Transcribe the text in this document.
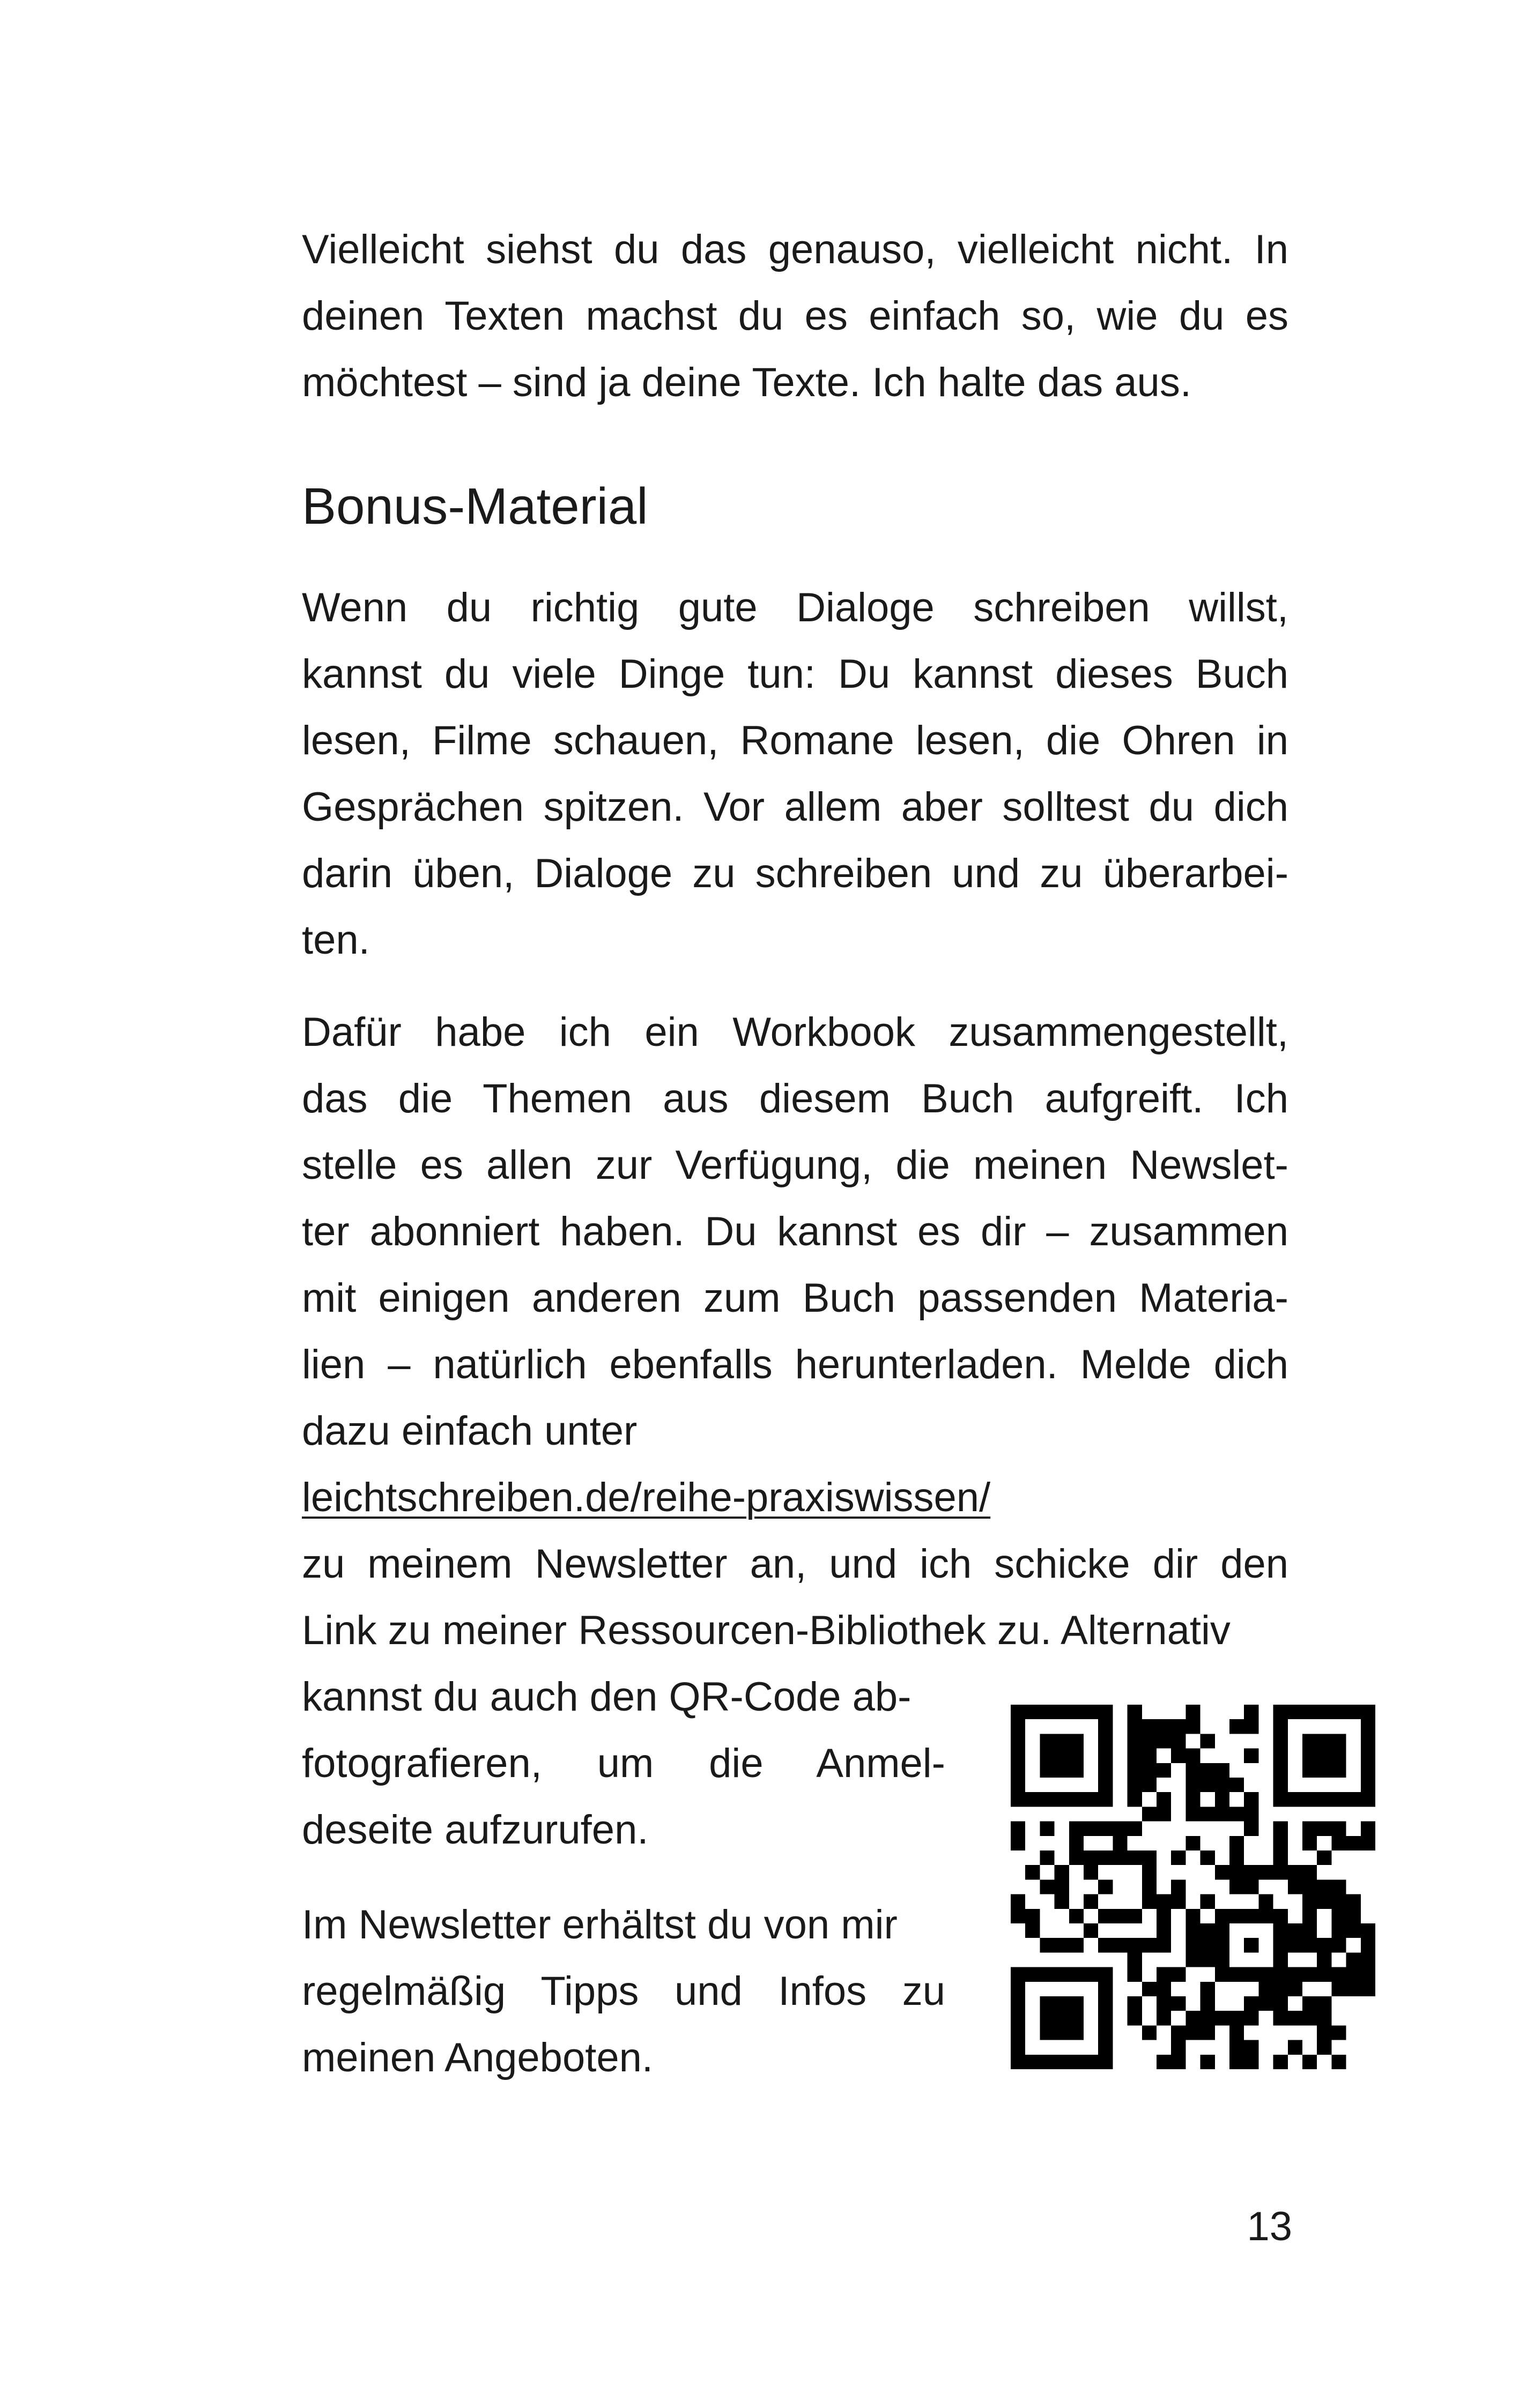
Vielleicht siehst du das genauso, vielleicht nicht. In
deinen Texten machst du es einfach so, wie du es
möchtest – sind ja deine Texte. Ich halte das aus.
Bonus-Material
Wenn du richtig gute Dialoge schreiben willst,
kannst du viele Dinge tun: Du kannst dieses Buch
lesen, Filme schauen, Romane lesen, die Ohren in
Gesprächen spitzen. Vor allem aber solltest du dich
darin üben, Dialoge zu schreiben und zu überarbei-
ten.
Dafür habe ich ein Workbook zusammengestellt,
das die Themen aus diesem Buch aufgreift. Ich
stelle es allen zur Verfügung, die meinen Newslet-
ter abonniert haben. Du kannst es dir – zusammen
mit einigen anderen zum Buch passenden Materia-
lien – natürlich ebenfalls herunterladen. Melde dich
dazu einfach unter
leichtschreiben.de/reihe-praxiswissen/
zu meinem Newsletter an, und ich schicke dir den
Link zu meiner Ressourcen-Bibliothek zu. Alternativ
kannst du auch den QR-Code ab-
fotografieren, um die Anmel-
deseite aufzurufen.
Im Newsletter erhältst du von mir
regelmäßig Tipps und Infos zu
meinen Angeboten.
13
